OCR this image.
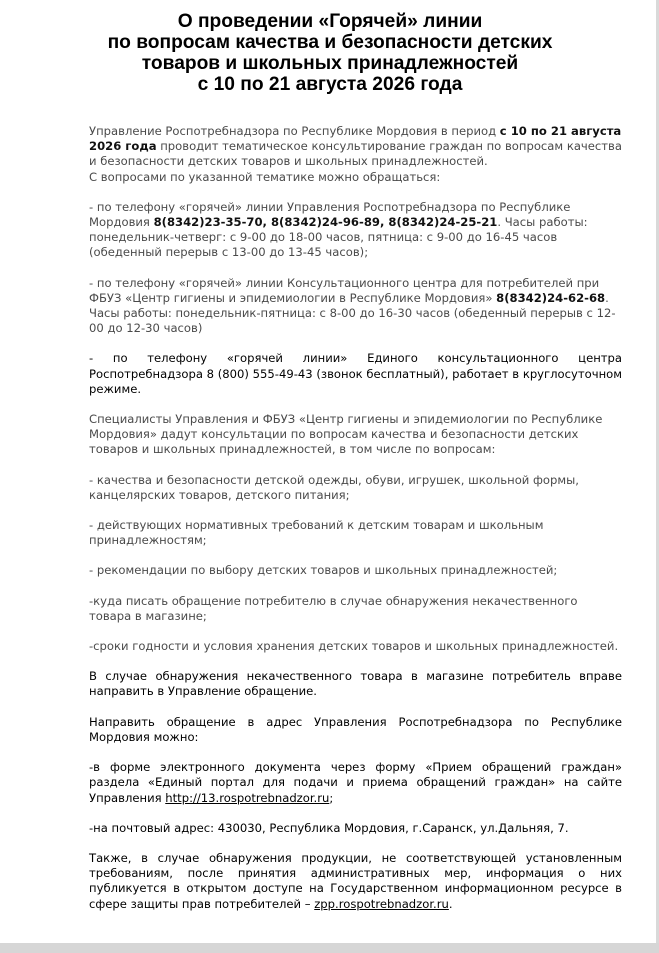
О проведении «Горячей» линии
по вопросам качества и безопасности детских
товаров и школьных принадлежностей
с 10 по 21 августа 2026 года

Управление Роспотребнадзора по Республике Мордовия в период с 10 по 21 августа 2026 года проводит тематическое консультирование граждан по вопросам качества и безопасности детских товаров и школьных принадлежностей.

С вопросами по указанной тематике можно обращаться:

- по телефону «горячей» линии Управления Роспотребнадзора по Республике Мордовия 8(8342)23-35-70, 8(8342)24-96-89, 8(8342)24-25-21. Часы работы: понедельник-четверг: с 9-00 до 18-00 часов, пятница: с 9-00 до 16-45 часов (обеденный перерыв с 13-00 до 13-45 часов);

- по телефону «горячей» линии Консультационного центра для потребителей при ФБУЗ «Центр гигиены и эпидемиологии в Республике Мордовия» 8(8342)24-62-68. Часы работы: понедельник-пятница: с 8-00 до 16-30 часов (обеденный перерыв с 12-00 до 12-30 часов)

- по телефону «горячей линии» Единого консультационного центра Роспотребнадзора 8 (800) 555-49-43 (звонок бесплатный), работает в круглосуточном режиме.

Специалисты Управления и ФБУЗ «Центр гигиены и эпидемиологии по Республике Мордовия» дадут консультации по вопросам качества и безопасности детских товаров и школьных принадлежностей, в том числе по вопросам:

- качества и безопасности детской одежды, обуви, игрушек, школьной формы, канцелярских товаров, детского питания;

- действующих нормативных требований к детским товарам и школьным принадлежностям;

- рекомендации по выбору детских товаров и школьных принадлежностей;

-куда писать обращение потребителю в случае обнаружения некачественного товара в магазине;

-сроки годности и условия хранения детских товаров и школьных принадлежностей.

В случае обнаружения некачественного товара в магазине потребитель вправе направить в Управление обращение.

Направить обращение в адрес Управления Роспотребнадзора по Республике Мордовия можно:

-в форме электронного документа через форму «Прием обращений граждан» раздела «Единый портал для подачи и приема обращений граждан» на сайте Управления http://13.rospotrebnadzor.ru;

-на почтовый адрес: 430030, Республика Мордовия, г.Саранск, ул.Дальняя, 7.

Также, в случае обнаружения продукции, не соответствующей установленным требованиям, после принятия административных мер, информация о них публикуется в открытом доступе на Государственном информационном ресурсе в сфере защиты прав потребителей – zpp.rospotrebnadzor.ru.
